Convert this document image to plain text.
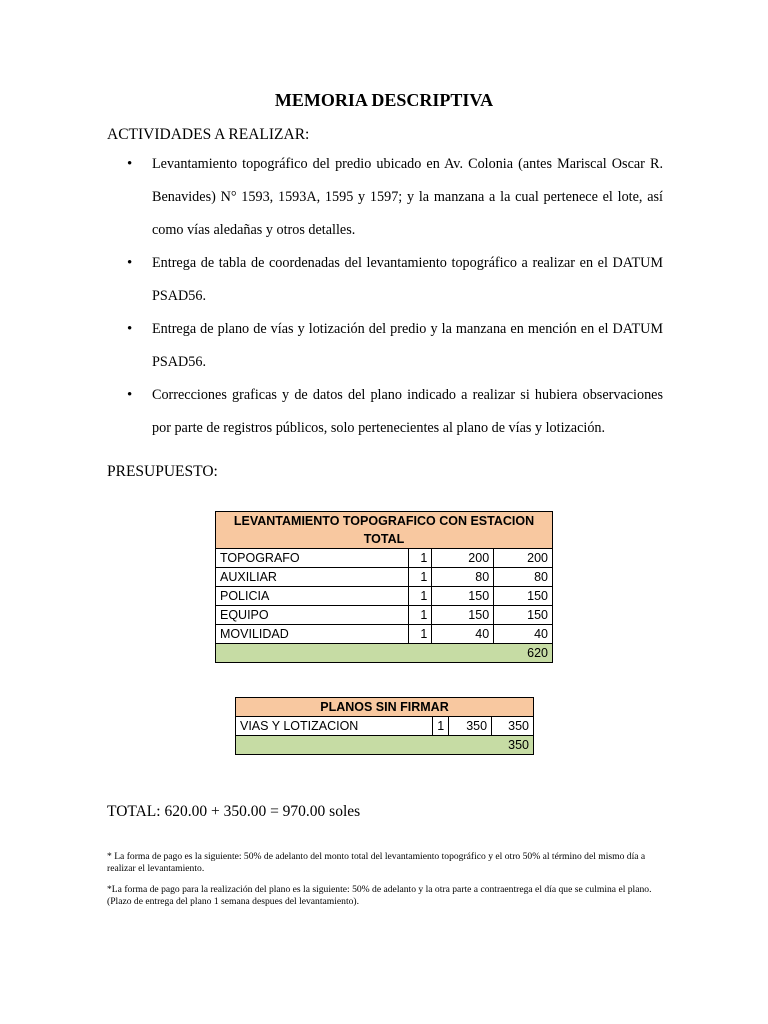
MEMORIA DESCRIPTIVA
ACTIVIDADES A REALIZAR:
• Levantamiento topográfico del predio ubicado en Av. Colonia (antes Mariscal Oscar R. Benavides) N° 1593, 1593A, 1595 y 1597; y la manzana a la cual pertenece el lote, así como vías aledañas y otros detalles.
• Entrega de tabla de coordenadas del levantamiento topográfico a realizar en el DATUM PSAD56.
• Entrega de plano de vías y lotización del predio y la manzana en mención en el DATUM PSAD56.
• Correcciones graficas y de datos del plano indicado a realizar si hubiera observaciones por parte de registros públicos, solo pertenecientes al plano de vías y lotización.
PRESUPUESTO:
LEVANTAMIENTO TOPOGRAFICO CON ESTACION TOTAL			
TOPOGRAFO	1	200	200
AUXILIAR	1	80	80
POLICIA	1	150	150
EQUIPO	1	150	150
MOVILIDAD	1	40	40
620			
PLANOS SIN FIRMAR
VIAS Y LOTIZACION	1	350	350
350
TOTAL: 620.00 + 350.00 = 970.00 soles
* La forma de pago es la siguiente: 50% de adelanto del monto total del levantamiento topográfico y el otro 50% al término del mismo día a realizar el levantamiento.
*La forma de pago para la realización del plano es la siguiente: 50% de adelanto y la otra parte a contraentrega el día que se culmina el plano. (Plazo de entrega del plano 1 semana despues del levantamiento).
